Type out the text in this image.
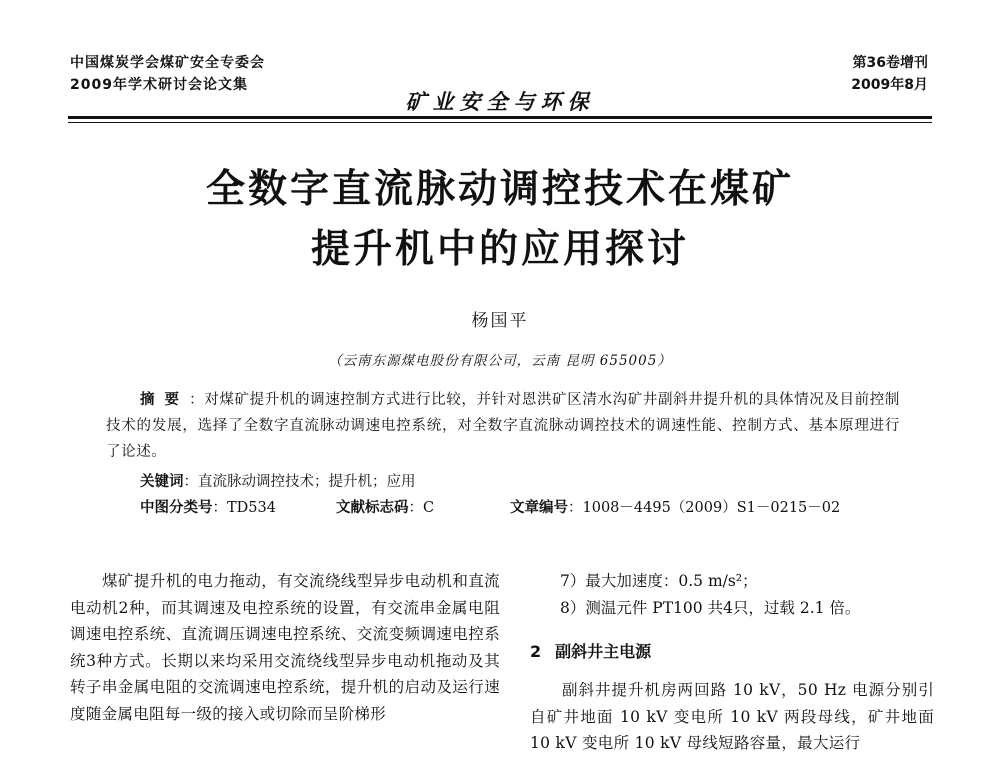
中国煤炭学会煤矿安全专委会
2009年学术研讨会论文集
矿业安全与环保
第36卷增刊
2009年8月
全数字直流脉动调控技术在煤矿
提升机中的应用探讨
杨国平
（云南东源煤电股份有限公司，云南 昆明 655005）
摘要：对煤矿提升机的调速控制方式进行比较，并针对恩洪矿区清水沟矿井副斜井提升机的具体情况及目前控制技术的发展，选择了全数字直流脉动调速电控系统，对全数字直流脉动调控技术的调速性能、控制方式、基本原理进行了论述。
关键词：直流脉动调控技术；提升机；应用
中图分类号：TD534	文献标志码：C	文章编号：1008－4495（2009）S1－0215－02
煤矿提升机的电力拖动，有交流绕线型异步电动机和直流电动机2种，而其调速及电控系统的设置，有交流串金属电阻调速电控系统、直流调压调速电控系统、交流变频调速电控系统3种方式。长期以来均采用交流绕线型异步电动机拖动及其转子串金属电阻的交流调速电控系统，提升机的启动及运行速度随金属电阻每一级的接入或切除而呈阶梯形
7）最大加速度：0.5 m/s²；
8）测温元件 PT100 共4只，过载 2.1 倍。
2 副斜井主电源
副斜井提升机房两回路 10 kV，50 Hz 电源分别引自矿井地面 10 kV 变电所 10 kV 两段母线，矿井地面 10 kV 变电所 10 kV 母线短路容量，最大运行
